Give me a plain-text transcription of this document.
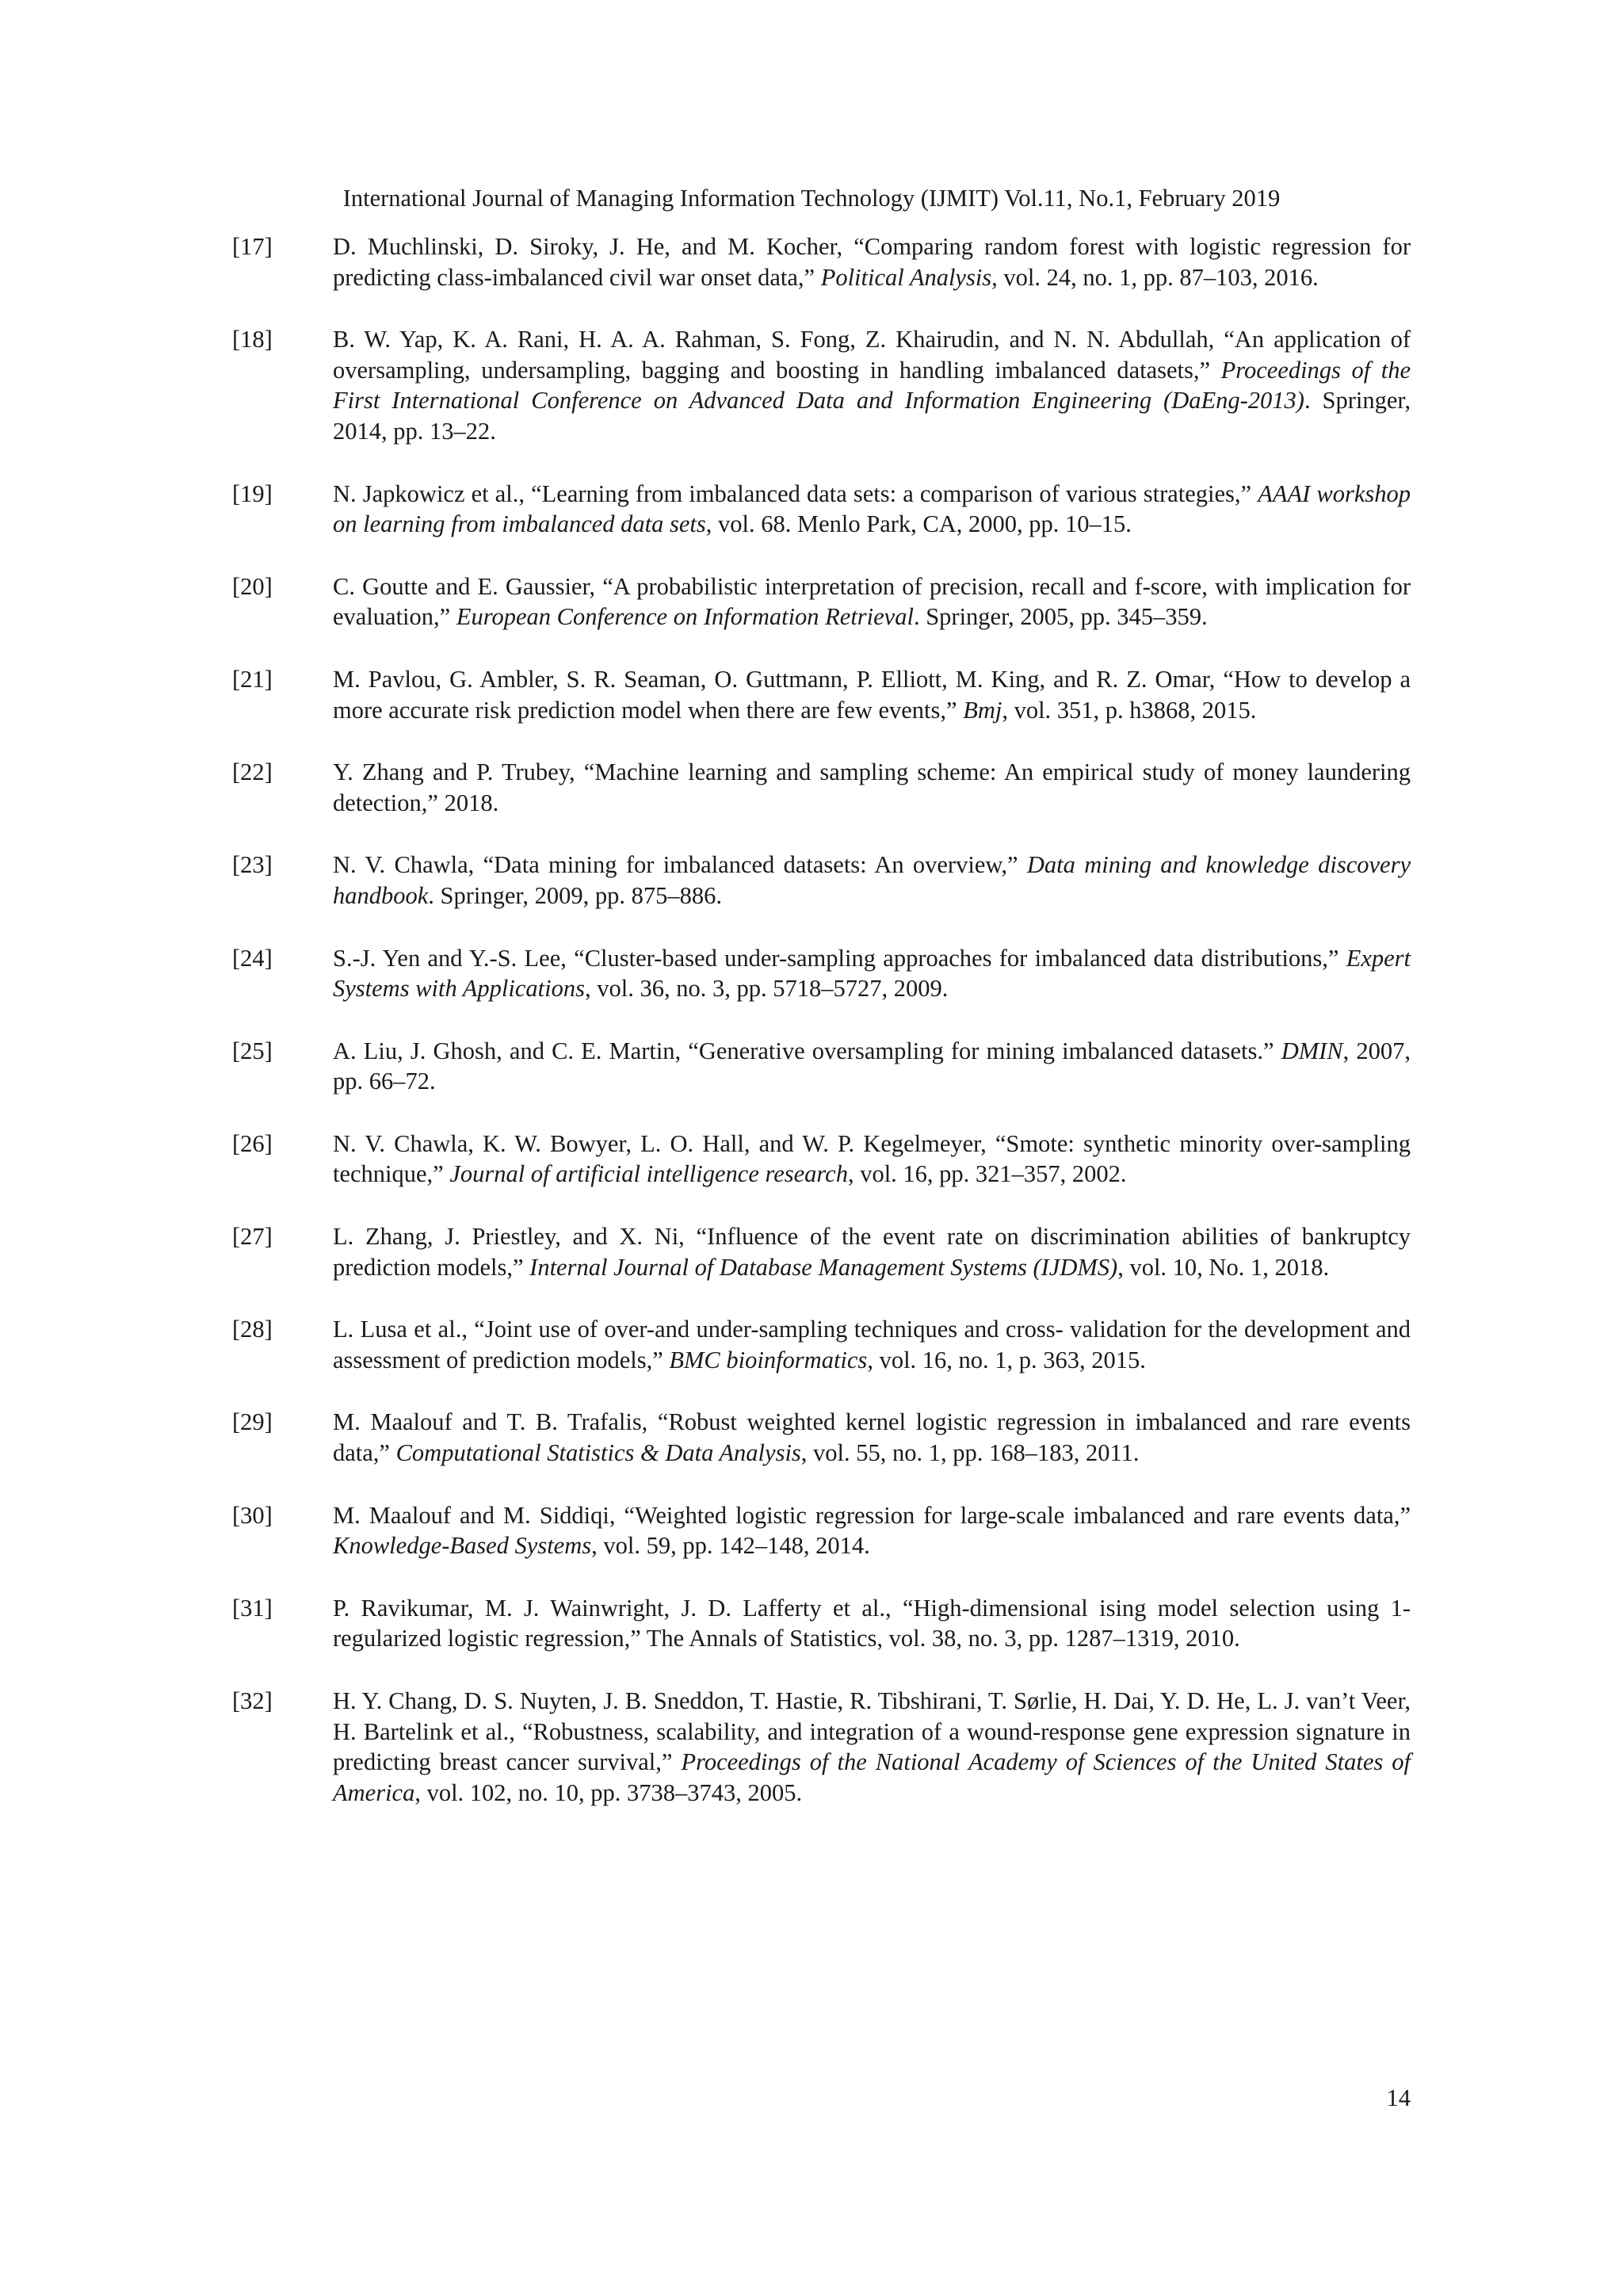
International Journal of Managing Information Technology (IJMIT) Vol.11, No.1, February 2019
[17] D. Muchlinski, D. Siroky, J. He, and M. Kocher, “Comparing random forest with logistic regression for predicting class-imbalanced civil war onset data,” Political Analysis, vol. 24, no. 1, pp. 87–103, 2016.
[18] B. W. Yap, K. A. Rani, H. A. A. Rahman, S. Fong, Z. Khairudin, and N. N. Abdullah, “An application of oversampling, undersampling, bagging and boosting in handling imbalanced datasets,” Proceedings of the First International Conference on Advanced Data and Information Engineering (DaEng-2013). Springer, 2014, pp. 13–22.
[19] N. Japkowicz et al., “Learning from imbalanced data sets: a comparison of various strategies,” AAAI workshop on learning from imbalanced data sets, vol. 68. Menlo Park, CA, 2000, pp. 10–15.
[20] C. Goutte and E. Gaussier, “A probabilistic interpretation of precision, recall and f-score, with implication for evaluation,” European Conference on Information Retrieval. Springer, 2005, pp. 345–359.
[21] M. Pavlou, G. Ambler, S. R. Seaman, O. Guttmann, P. Elliott, M. King, and R. Z. Omar, “How to develop a more accurate risk prediction model when there are few events,” Bmj, vol. 351, p. h3868, 2015.
[22] Y. Zhang and P. Trubey, “Machine learning and sampling scheme: An empirical study of money laundering detection,” 2018.
[23] N. V. Chawla, “Data mining for imbalanced datasets: An overview,” Data mining and knowledge discovery handbook. Springer, 2009, pp. 875–886.
[24] S.-J. Yen and Y.-S. Lee, “Cluster-based under-sampling approaches for imbalanced data distributions,” Expert Systems with Applications, vol. 36, no. 3, pp. 5718–5727, 2009.
[25] A. Liu, J. Ghosh, and C. E. Martin, “Generative oversampling for mining imbalanced datasets.” DMIN, 2007, pp. 66–72.
[26] N. V. Chawla, K. W. Bowyer, L. O. Hall, and W. P. Kegelmeyer, “Smote: synthetic minority over-sampling technique,” Journal of artificial intelligence research, vol. 16, pp. 321–357, 2002.
[27] L. Zhang, J. Priestley, and X. Ni, “Influence of the event rate on discrimination abilities of bankruptcy prediction models,” Internal Journal of Database Management Systems (IJDMS), vol. 10, No. 1, 2018.
[28] L. Lusa et al., “Joint use of over-and under-sampling techniques and cross- validation for the development and assessment of prediction models,” BMC bioinformatics, vol. 16, no. 1, p. 363, 2015.
[29] M. Maalouf and T. B. Trafalis, “Robust weighted kernel logistic regression in imbalanced and rare events data,” Computational Statistics & Data Analysis, vol. 55, no. 1, pp. 168–183, 2011.
[30] M. Maalouf and M. Siddiqi, “Weighted logistic regression for large-scale imbalanced and rare events data,” Knowledge-Based Systems, vol. 59, pp. 142–148, 2014.
[31] P. Ravikumar, M. J. Wainwright, J. D. Lafferty et al., “High-dimensional ising model selection using 1-regularized logistic regression,” The Annals of Statistics, vol. 38, no. 3, pp. 1287–1319, 2010.
[32] H. Y. Chang, D. S. Nuyten, J. B. Sneddon, T. Hastie, R. Tibshirani, T. Sørlie, H. Dai, Y. D. He, L. J. van’t Veer, H. Bartelink et al., “Robustness, scalability, and integration of a wound-response gene expression signature in predicting breast cancer survival,” Proceedings of the National Academy of Sciences of the United States of America, vol. 102, no. 10, pp. 3738–3743, 2005.
14
